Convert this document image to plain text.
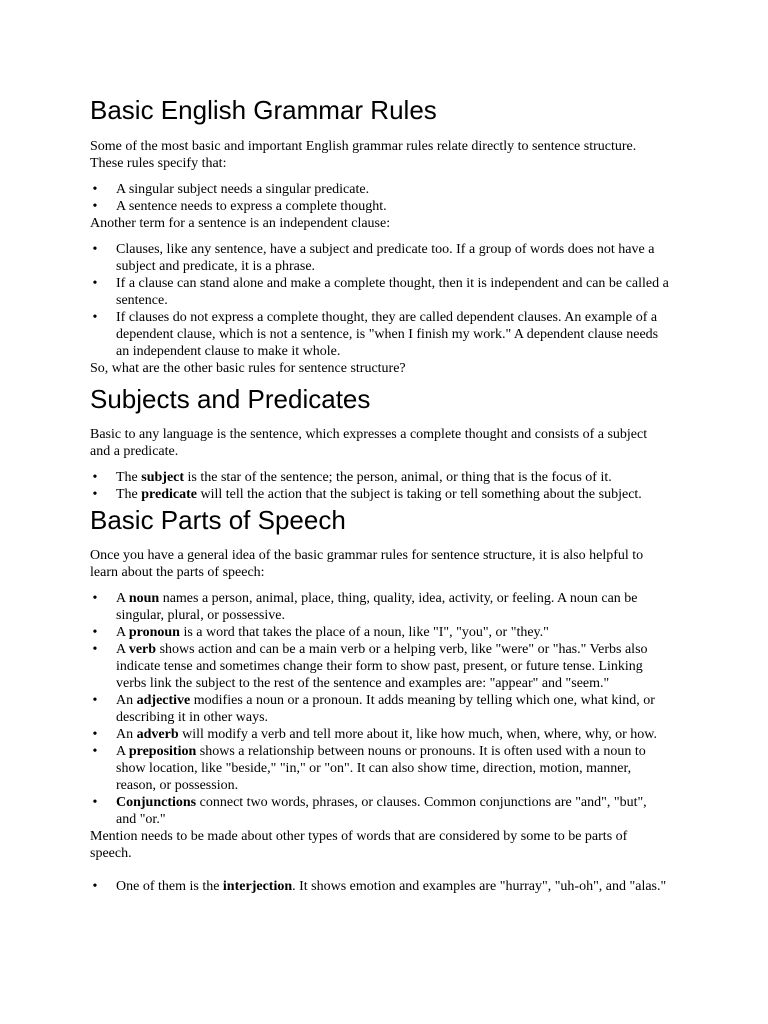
Basic English Grammar Rules

Some of the most basic and important English grammar rules relate directly to sentence structure. These rules specify that:

• A singular subject needs a singular predicate.
• A sentence needs to express a complete thought.

Another term for a sentence is an independent clause:

• Clauses, like any sentence, have a subject and predicate too. If a group of words does not have a subject and predicate, it is a phrase.
• If a clause can stand alone and make a complete thought, then it is independent and can be called a sentence.
• If clauses do not express a complete thought, they are called dependent clauses. An example of a dependent clause, which is not a sentence, is "when I finish my work." A dependent clause needs an independent clause to make it whole.

So, what are the other basic rules for sentence structure?

Subjects and Predicates

Basic to any language is the sentence, which expresses a complete thought and consists of a subject and a predicate.

• The subject is the star of the sentence; the person, animal, or thing that is the focus of it.
• The predicate will tell the action that the subject is taking or tell something about the subject.
Basic Parts of Speech

Once you have a general idea of the basic grammar rules for sentence structure, it is also helpful to learn about the parts of speech:

• A noun names a person, animal, place, thing, quality, idea, activity, or feeling. A noun can be singular, plural, or possessive.
• A pronoun is a word that takes the place of a noun, like "I", "you", or "they."
• A verb shows action and can be a main verb or a helping verb, like "were" or "has." Verbs also indicate tense and sometimes change their form to show past, present, or future tense. Linking verbs link the subject to the rest of the sentence and examples are: "appear" and "seem."
• An adjective modifies a noun or a pronoun. It adds meaning by telling which one, what kind, or describing it in other ways.
• An adverb will modify a verb and tell more about it, like how much, when, where, why, or how.
• A preposition shows a relationship between nouns or pronouns. It is often used with a noun to show location, like "beside," "in," or "on". It can also show time, direction, motion, manner, reason, or possession.
• Conjunctions connect two words, phrases, or clauses. Common conjunctions are "and", "but", and "or."

Mention needs to be made about other types of words that are considered by some to be parts of speech.

• One of them is the interjection. It shows emotion and examples are "hurray", "uh-oh", and "alas."
